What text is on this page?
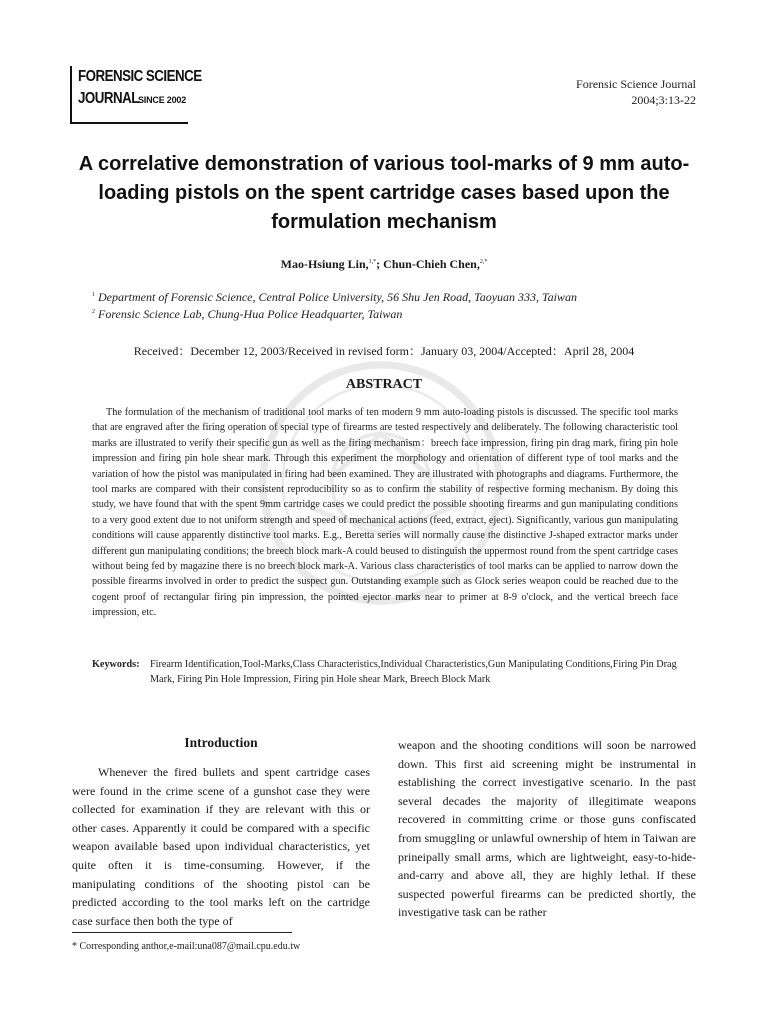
FORENSIC SCIENCE
JOURNAL SINCE 2002
Forensic Science Journal
2004;3:13-22
A correlative demonstration of various tool-marks of 9 mm auto-loading pistols on the spent cartridge cases based upon the formulation mechanism
Mao-Hsiung Lin,$^{1,*}$; Chun-Chieh Chen,$^{2,*}$
$^1$ Department of Forensic Science, Central Police University, 56 Shu Jen Road, Taoyuan 333, Taiwan
$^2$ Forensic Science Lab, Chung-Hua Police Headquarter, Taiwan
Received：December 12, 2003/Received in revised form：January 03, 2004/Accepted：April 28, 2004
ABSTRACT

The formulation of the mechanism of traditional tool marks of ten modern 9 mm auto-loading pistols is discussed. The specific tool marks that are engraved after the firing operation of special type of firearms are tested respectively and deliberately. The following characteristic tool marks are illustrated to verify their specific gun as well as the firing mechanism：breech face impression, firing pin drag mark, firing pin hole impression and firing pin hole shear mark. Through this experiment the morphology and orientation of different type of tool marks and the variation of how the pistol was manipulated in firing had been examined. They are illustrated with photographs and diagrams. Furthermore, the tool marks are compared with their consistent reproducibility so as to confirm the stability of respective forming mechanism. By doing this study, we have found that with the spent 9mm cartridge cases we could predict the possible shooting firearms and gun manipulating conditions to a very good extent due to not uniform strength and speed of mechanical actions (feed, extract, eject). Significantly, various gun manipulating conditions will cause apparently distinctive tool marks. E.g., Beretta series will normally cause the distinctive J-shaped extractor marks under different gun manipulating conditions; the breech block mark-A could beused to distinguish the uppermost round from the spent cartridge cases without being fed by magazine there is no breech block mark-A. Various class characteristics of tool marks can be applied to narrow down the possible firearms involved in order to predict the suspect gun. Outstanding example such as Glock series weapon could be reached due to the cogent proof of rectangular firing pin impression, the pointed ejector marks near to primer at 8-9 o'clock, and the vertical breech face impression, etc.

Keywords: Firearm Identification,Tool-Marks,Class Characteristics,Individual Characteristics,Gun Manipulating Conditions,Firing Pin Drag Mark, Firing Pin Hole Impression, Firing pin Hole shear Mark, Breech Block Mark
Introduction

Whenever the fired bullets and spent cartridge cases were found in the crime scene of a gunshot case they were collected for examination if they are relevant with this or other cases. Apparently it could be compared with a specific weapon available based upon individual characteristics, yet quite often it is time-consuming. However, if the manipulating conditions of the shooting pistol can be predicted according to the tool marks left on the cartridge case surface then both the type of

weapon and the shooting conditions will soon be narrowed down. This first aid screening might be instrumental in establishing the correct investigative scenario. In the past several decades the majority of illegitimate weapons recovered in committing crime or those guns confiscated from smuggling or unlawful ownership of htem in Taiwan are prineipally small arms, which are lightweight, easy-to-hide-and-carry and above all, they are highly lethal. If these suspected powerful firearms can be predicted shortly, the investigative task can be rather

* Corresponding anthor,e-mail:una087@mail.cpu.edu.tw
